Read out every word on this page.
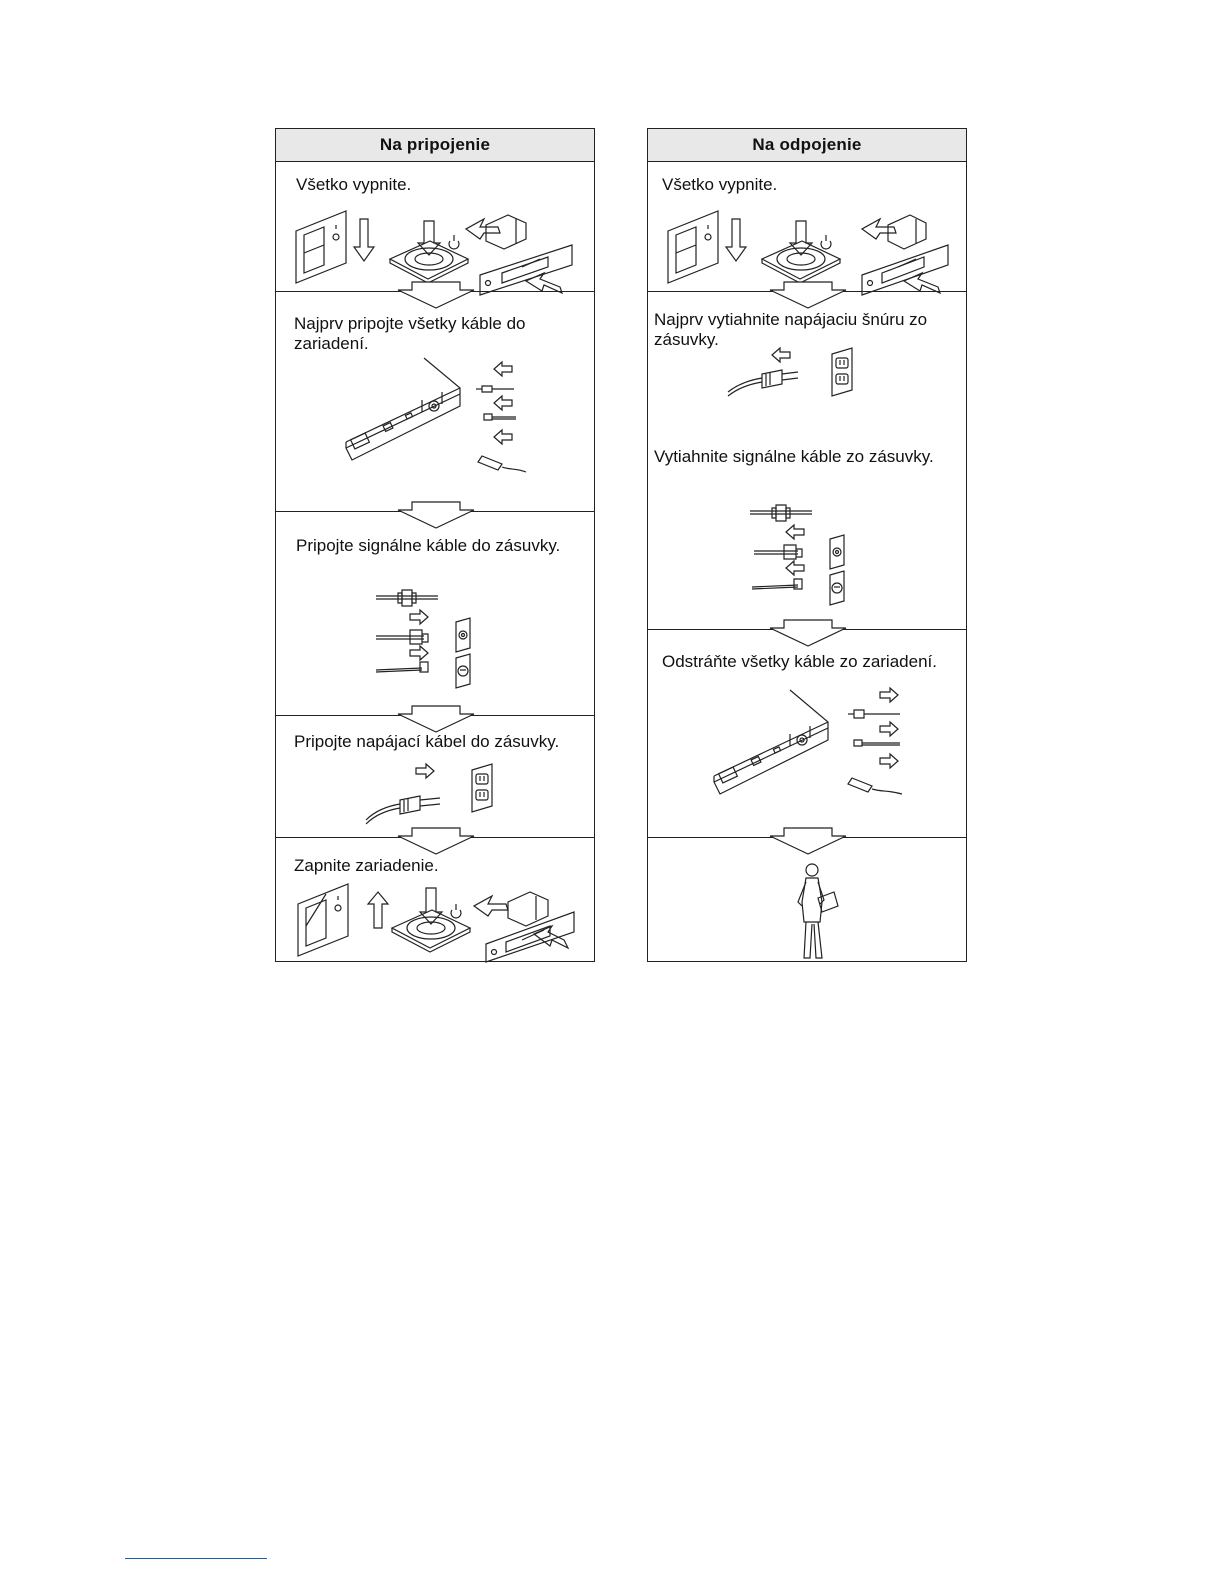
Na pripojenie
Všetko vypnite.
Najprv pripojte všetky káble do zariadení.
Pripojte signálne káble do zásuvky.
Pripojte napájací kábel do zásuvky.
Zapnite zariadenie.
Na odpojenie
Všetko vypnite.
Najprv vytiahnite napájaciu šnúru zo zásuvky.
Vytiahnite signálne káble zo zásuvky.
Odstráňte všetky káble zo zariadení.
